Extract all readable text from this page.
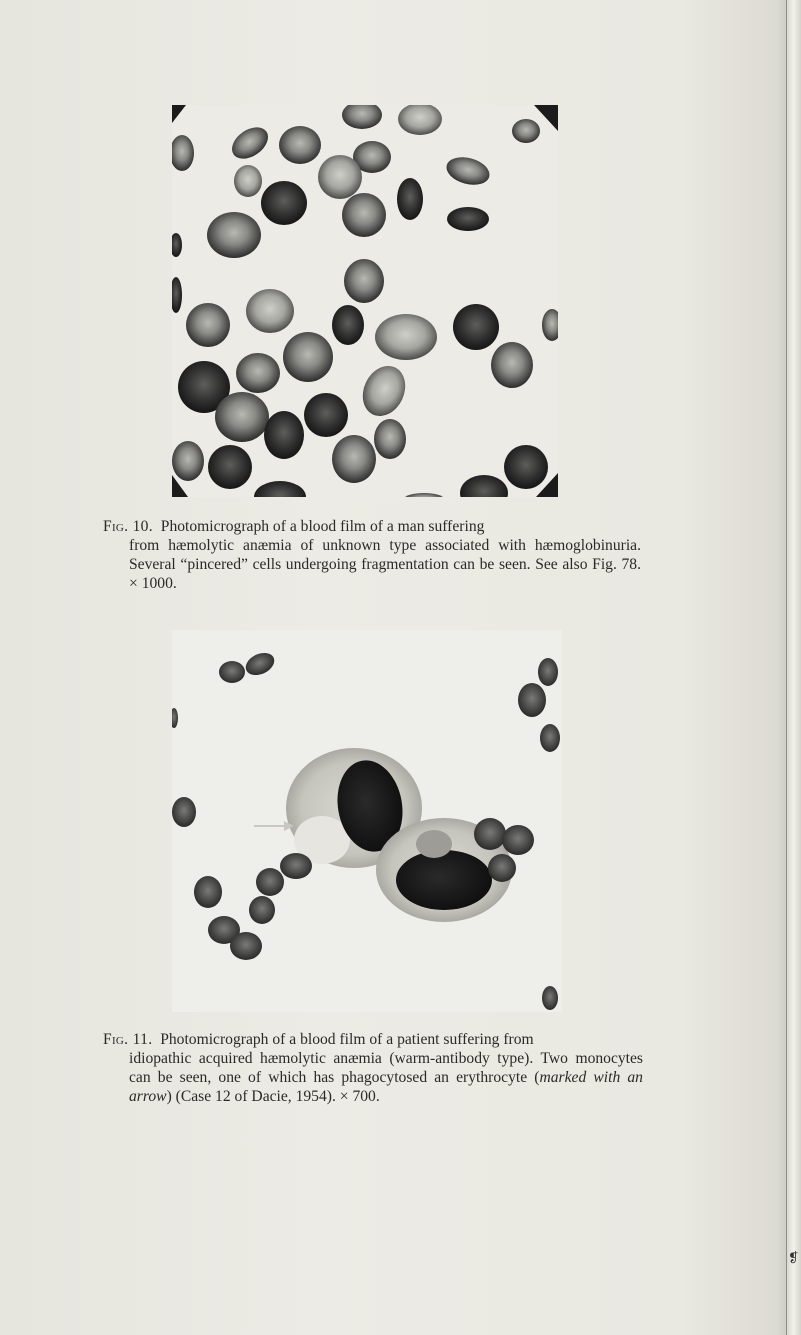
❡

Fig. 10. Photomicrograph of a blood film of a man suffering
from hæmolytic anæmia of unknown type associated with hæmoglobinuria. Several “pincered” cells undergoing fragmentation can be seen. See also Fig. 78. × 1000.

Fig. 11. Photomicrograph of a blood film of a patient suffering from
idiopathic acquired hæmolytic anæmia (warm-antibody type). Two monocytes can be seen, one of which has phagocytosed an erythrocyte (marked with an arrow) (Case 12 of Dacie, 1954). × 700.
